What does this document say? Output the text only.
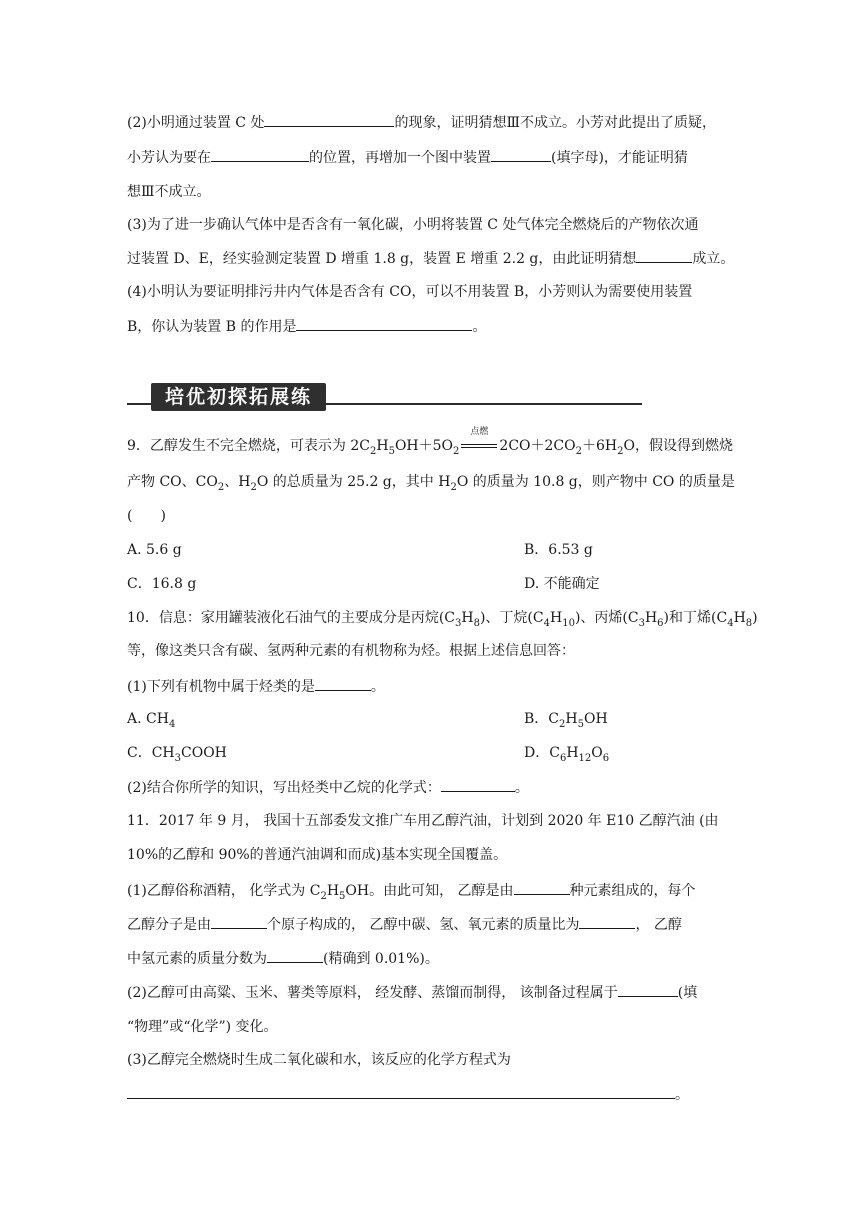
(2)小明通过装置 C 处	的现象，证明猜想Ⅲ不成立。小芳对此提出了质疑，
小芳认为要在	的位置，再增加一个图中装置	(填字母)，才能证明猜
想Ⅲ不成立。
(3)为了进一步确认气体中是否含有一氧化碳，小明将装置 C 处气体完全燃烧后的产物依次通
过装置 D、E，经实验测定装置 D 增重 1.8 g，装置 E 增重 2.2 g，由此证明猜想	成立。
(4)小明认为要证明排污井内气体是否含有 CO，可以不用装置 B，小芳则认为需要使用装置
B，你认为装置 B 的作用是	。
培优初探拓展练
9．乙醇发生不完全燃烧，可表示为 $2C_2H_5OH+5O_2$
点燃
$2CO+2CO_2+6H_2O$，假设得到燃烧
产物 CO、$CO_2$、$H_2O$ 的总质量为 25.2 g，其中 $H_2O$ 的质量为 10.8 g，则产物中 CO 的质量是
(　　)
A. 5.6 g	B．6.53 g
C．16.8 g	D. 不能确定
10．信息：家用罐装液化石油气的主要成分是丙烷$(C_3H_8)$、丁烷$(C_4H_{10})$、丙烯$(C_3H_6)$和丁烯$(C_4H_8)$
等，像这类只含有碳、氢两种元素的有机物称为烃。根据上述信息回答：
(1)下列有机物中属于烃类的是	。
A. $CH_4$	B．$C_2H_5OH$
C．$CH_3COOH$	D．$C_6H_{12}O_6$
(2)结合你所学的知识，写出烃类中乙烷的化学式：	。
11．2017 年 9 月， 我国十五部委发文推广车用乙醇汽油，计划到 2020 年 E10 乙醇汽油 (由
10%的乙醇和 90%的普通汽油调和而成)基本实现全国覆盖。
(1)乙醇俗称酒精， 化学式为 $C_2H_5OH$。由此可知， 乙醇是由	种元素组成的，每个
乙醇分子是由	个原子构成的， 乙醇中碳、氢、氧元素的质量比为	， 乙醇
中氢元素的质量分数为	(精确到 0.01%)。
(2)乙醇可由高粱、玉米、薯类等原料， 经发酵、蒸馏而制得， 该制备过程属于	(填
“物理”或“化学”) 变化。
(3)乙醇完全燃烧时生成二氧化碳和水，该反应的化学方程式为
。
